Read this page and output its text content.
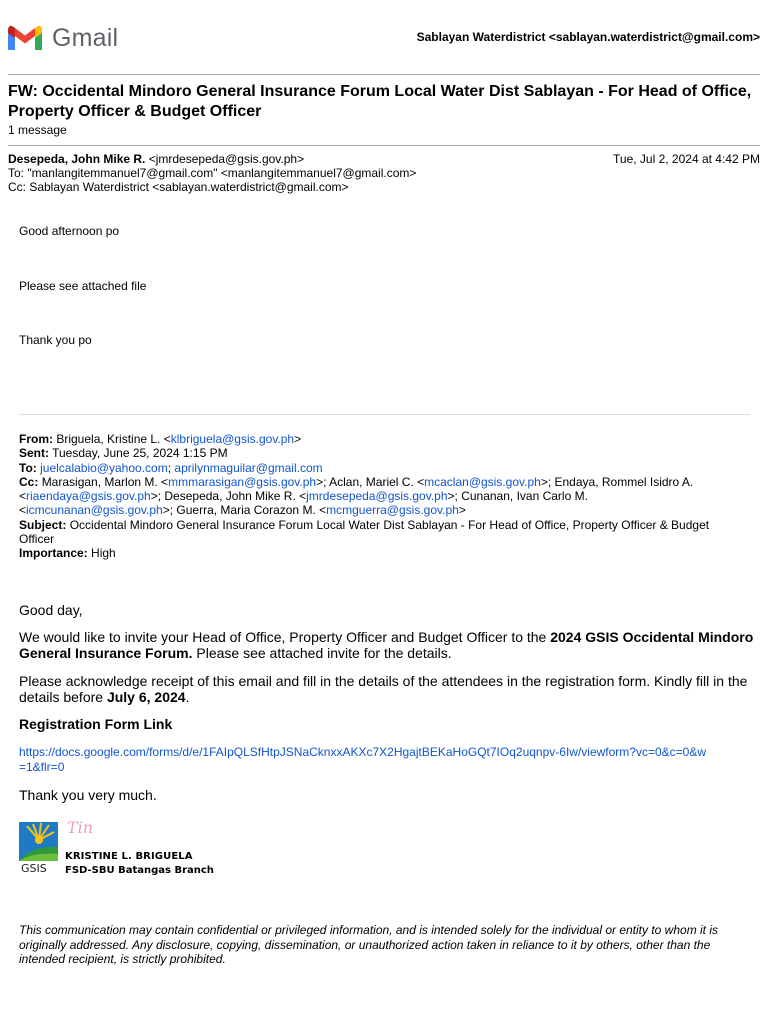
Gmail	Sablayan Waterdistrict <sablayan.waterdistrict@gmail.com>
FW: Occidental Mindoro General Insurance Forum Local Water Dist Sablayan - For Head of Office, Property Officer & Budget Officer
1 message
Desepeda, John Mike R. <jmrdesepeda@gsis.gov.ph>
To: "manlangitemmanuel7@gmail.com" <manlangitemmanuel7@gmail.com>
Cc: Sablayan Waterdistrict <sablayan.waterdistrict@gmail.com>
Tue, Jul 2, 2024 at 4:42 PM
Good afternoon po
Please see attached file
Thank you po
From: Briguela, Kristine L. <klbriguela@gsis.gov.ph>
Sent: Tuesday, June 25, 2024 1:15 PM
To: juelcalabio@yahoo.com; aprilynmaguilar@gmail.com
Cc: Marasigan, Marlon M. <mmmarasigan@gsis.gov.ph>; Aclan, Mariel C. <mcaclan@gsis.gov.ph>; Endaya, Rommel Isidro A. <riaendaya@gsis.gov.ph>; Desepeda, John Mike R. <jmrdesepeda@gsis.gov.ph>; Cunanan, Ivan Carlo M. <icmcunanan@gsis.gov.ph>; Guerra, Maria Corazon M. <mcmguerra@gsis.gov.ph>
Subject: Occidental Mindoro General Insurance Forum Local Water Dist Sablayan - For Head of Office, Property Officer & Budget Officer
Importance: High
Good day,
We would like to invite your Head of Office, Property Officer and Budget Officer to the 2024 GSIS Occidental Mindoro General Insurance Forum. Please see attached invite for the details.
Please acknowledge receipt of this email and fill in the details of the attendees in the registration form. Kindly fill in the details before July 6, 2024.
Registration Form Link
https://docs.google.com/forms/d/e/1FAIpQLSfHtpJSNaCknxxAKXc7X2HgajtBEKaHoGQt7IOq2uqnpv-6Iw/viewform?vc=0&c=0&w=1&flr=0
Thank you very much.
GSIS
Tin
KRISTINE L. BRIGUELA
FSD-SBU Batangas Branch
This communication may contain confidential or privileged information, and is intended solely for the individual or entity to whom it is originally addressed. Any disclosure, copying, dissemination, or unauthorized action taken in reliance to it by others, other than the intended recipient, is strictly prohibited.
